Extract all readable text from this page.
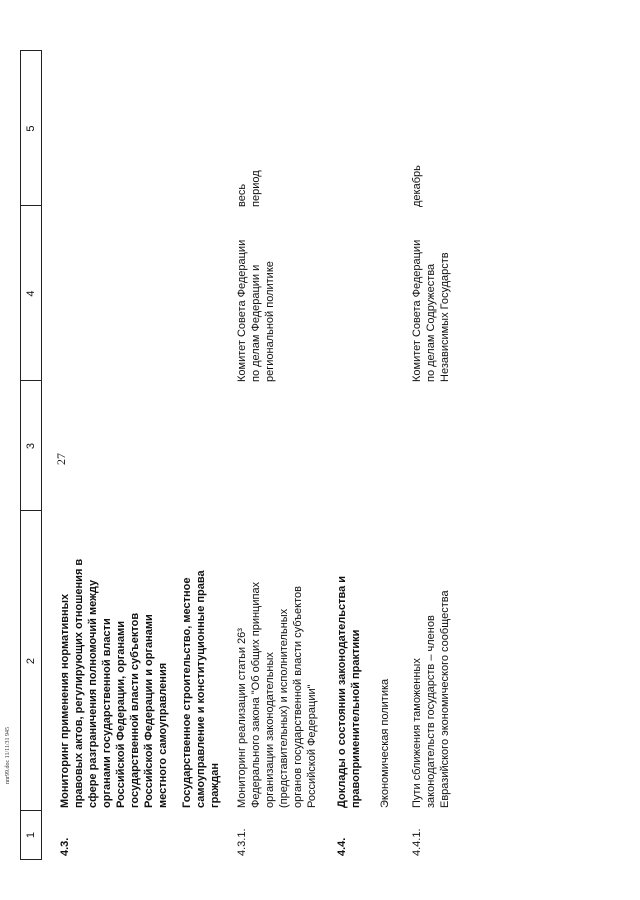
27
1
2
3
4
5
4.3.
Мониторинг применения нормативных правовых актов, регулирующих отношения в сфере разграничения полномочий между органами государственной власти Российской Федерации, органами государственной власти субъектов Российской Федерации и органами местного самоуправления Государственное строительство, местное самоуправление и конституционные права граждан
4.3.1.
Мониторинг реализации статьи 26³ Федерального закона "Об общих принципах организации законодательных (представительных) и исполнительных органов государственной власти субъектов Российской Федерации"
Комитет Совета Федерации по делам Федерации и региональной политике
весь период
4.4.
Доклады о состоянии законодательства и правоприменительной практики Экономическая политика
4.4.1.
Пути сближения таможенных законодательств государств – членов Евразийского экономического сообщества
Комитет Совета Федерации по делам Содружества Независимых Государств
декабрь
nnr99.doc 11/11/31 945
